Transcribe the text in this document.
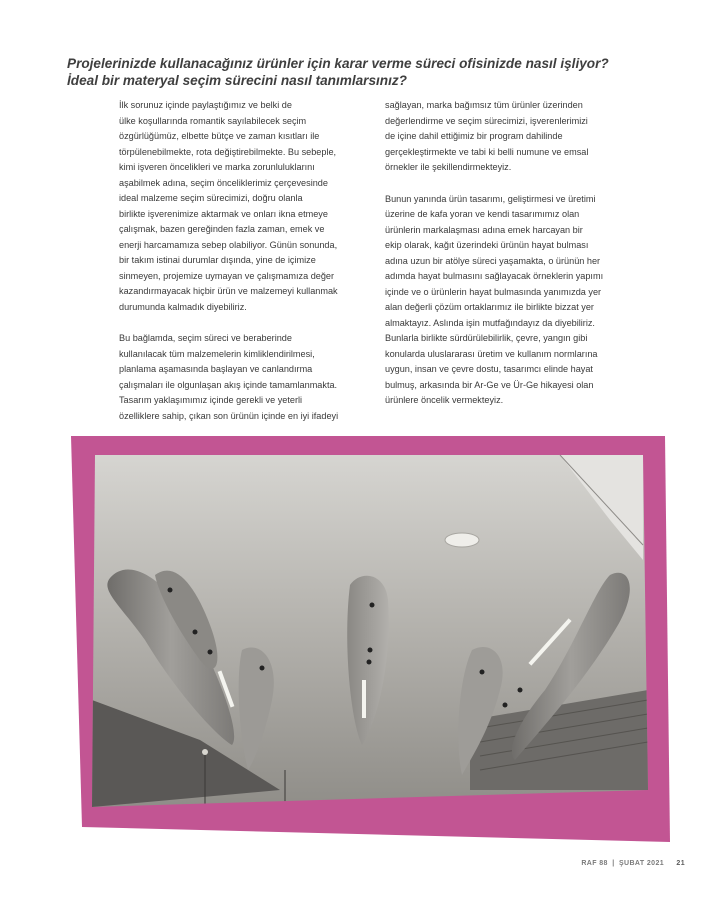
Projelerinizde kullanacağınız ürünler için karar verme süreci ofisinizde nasıl işliyor?
İdeal bir materyal seçim sürecini nasıl tanımlarsınız?

İlk sorunuz içinde paylaştığımız ve belki de
ülke koşullarında romantik sayılabilecek seçim
özgürlüğümüz, elbette bütçe ve zaman kısıtları ile
törpülenebilmekte, rota değiştirebilmekte. Bu sebeple,
kimi işveren öncelikleri ve marka zorunluluklarını
aşabilmek adına, seçim önceliklerimiz çerçevesinde
ideal malzeme seçim sürecimizi, doğru olanla
birlikte işverenimize aktarmak ve onları ikna etmeye
çalışmak, bazen gereğinden fazla zaman, emek ve
enerji harcamamıza sebep olabiliyor. Günün sonunda,
bir takım istinai durumlar dışında, yine de içimize
sinmeyen, projemize uymayan ve çalışmamıza değer
kazandırmayacak hiçbir ürün ve malzemeyi kullanmak
durumunda kalmadık diyebiliriz.

Bu bağlamda, seçim süreci ve beraberinde
kullanılacak tüm malzemelerin kimliklendirilmesi,
planlama aşamasında başlayan ve canlandırma
çalışmaları ile olgunlaşan akış içinde tamamlanmakta.
Tasarım yaklaşımımız içinde gerekli ve yeterli
özelliklere sahip, çıkan son ürünün içinde en iyi ifadeyi

sağlayan, marka bağımsız tüm ürünler üzerinden
değerlendirme ve seçim sürecimizi, işverenlerimizi
de içine dahil ettiğimiz bir program dahilinde
gerçekleştirmekte ve tabi ki belli numune ve emsal
örnekler ile şekillendirmekteyiz.

Bunun yanında ürün tasarımı, geliştirmesi ve üretimi
üzerine de kafa yoran ve kendi tasarımımız olan
ürünlerin markalaşması adına emek harcayan bir
ekip olarak, kağıt üzerindeki ürünün hayat bulması
adına uzun bir atölye süreci yaşamakta, o ürünün her
adımda hayat bulmasını sağlayacak örneklerin yapımı
içinde ve o ürünlerin hayat bulmasında yanımızda yer
alan değerli çözüm ortaklarımız ile birlikte bizzat yer
almaktayız. Aslında işin mutfağındayız da diyebiliriz.
Bunlarla birlikte sürdürülebilirlik, çevre, yangın gibi
konularda uluslararası üretim ve kullanım normlarına
uygun, insan ve çevre dostu, tasarımcı elinde hayat
bulmuş, arkasında bir Ar-Ge ve Ür-Ge hikayesi olan
ürünlere öncelik vermekteyiz.

RAF 88 | ŞUBAT 2021 21
